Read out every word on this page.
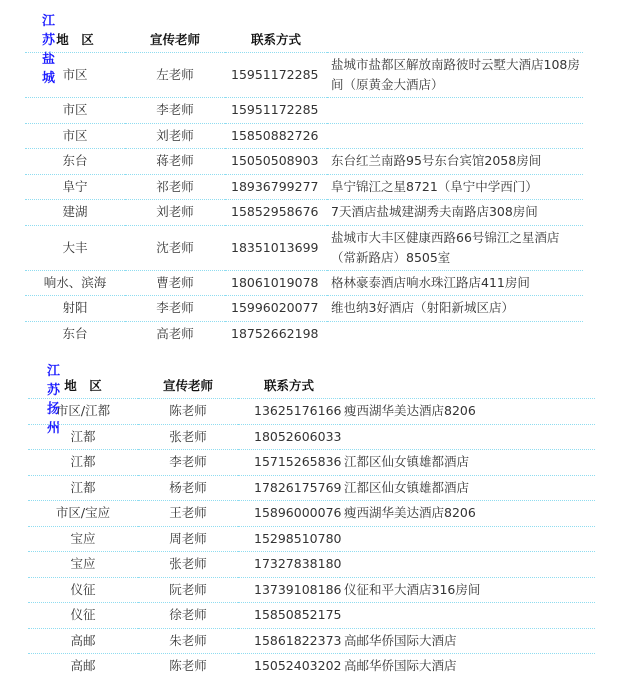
江苏 盐城
地　区	宣传老师	联系方式	
市区	左老师	15951172285	盐城市盐都区解放南路彼时云墅大酒店108房间（原黄金大酒店）
市区	李老师	15951172285	
市区	刘老师	15850882726	
东台	蒋老师	15050508903	东台红兰南路95号东台宾馆2058房间
阜宁	祁老师	18936799277	阜宁锦江之星8721（阜宁中学西门）
建湖	刘老师	15852958676	7天酒店盐城建湖秀夫南路店308房间
大丰	沈老师	18351013699	盐城市大丰区健康西路66号锦江之星酒店（常新路店）8505室
响水、滨海	曹老师	18061019078	格林豪泰酒店响水珠江路店411房间
射阳	李老师	15996020077	维也纳3好酒店（射阳新城区店）
东台	高老师	18752662198	
江苏 扬州
地　区	宣传老师	联系方式	
市区/江都	陈老师	13625176166	瘦西湖华美达酒店8206
江都	张老师	18052606033	
江都	李老师	15715265836	江都区仙女镇雄都酒店
江都	杨老师	17826175769	江都区仙女镇雄都酒店
市区/宝应	王老师	15896000076	瘦西湖华美达酒店8206
宝应	周老师	15298510780	
宝应	张老师	17327838180	
仪征	阮老师	13739108186	仪征和平大酒店316房间
仪征	徐老师	15850852175	
高邮	朱老师	15861822373	高邮华侨国际大酒店
高邮	陈老师	15052403202	高邮华侨国际大酒店
